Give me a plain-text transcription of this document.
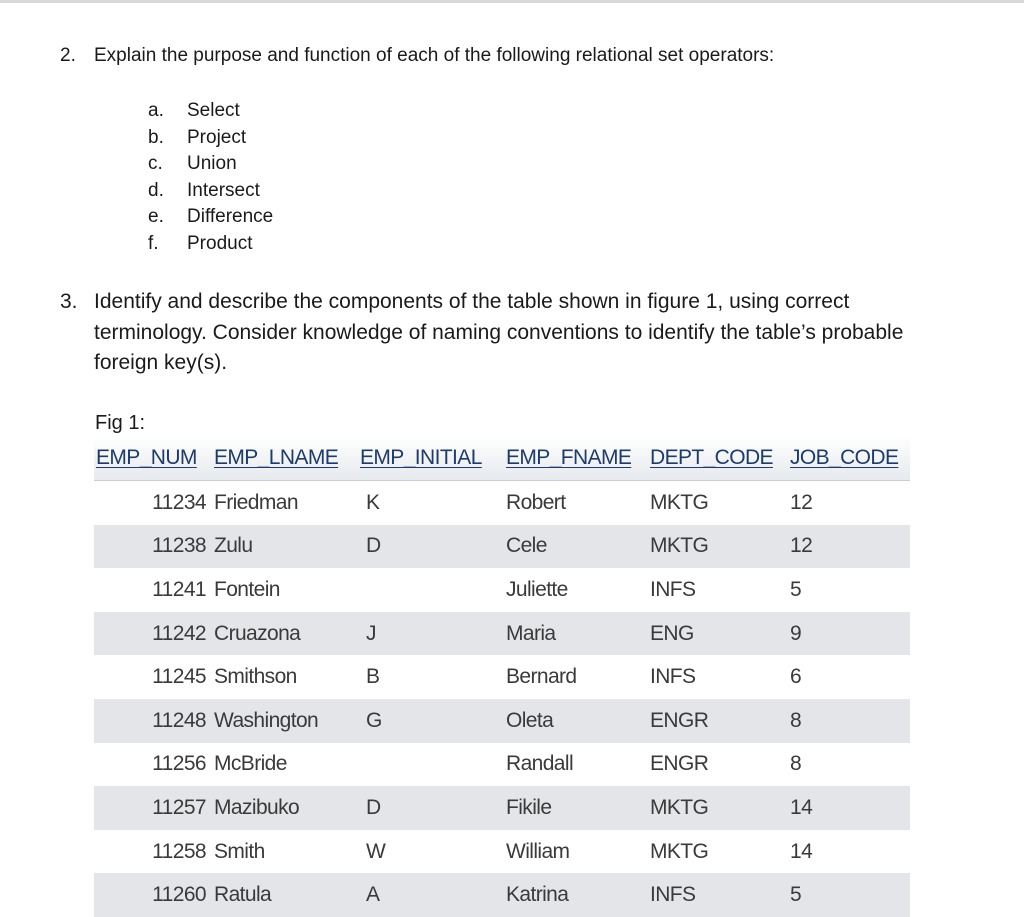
2. Explain the purpose and function of each of the following relational set operators:
a.	Select
b.	Project
c.	Union
d.	Intersect
e.	Difference
f.	Product
3. Identify and describe the components of the table shown in figure 1, using correct terminology. Consider knowledge of naming conventions to identify the table’s probable foreign key(s).
Fig 1:
EMP_NUM	EMP_LNAME	EMP_INITIAL	EMP_FNAME	DEPT_CODE	JOB_CODE
11234	Friedman	K	Robert	MKTG	12
11238	Zulu	D	Cele	MKTG	12
11241	Fontein		Juliette	INFS	5
11242	Cruazona	J	Maria	ENG	9
11245	Smithson	B	Bernard	INFS	6
11248	Washington	G	Oleta	ENGR	8
11256	McBride		Randall	ENGR	8
11257	Mazibuko	D	Fikile	MKTG	14
11258	Smith	W	William	MKTG	14
11260	Ratula	A	Katrina	INFS	5
